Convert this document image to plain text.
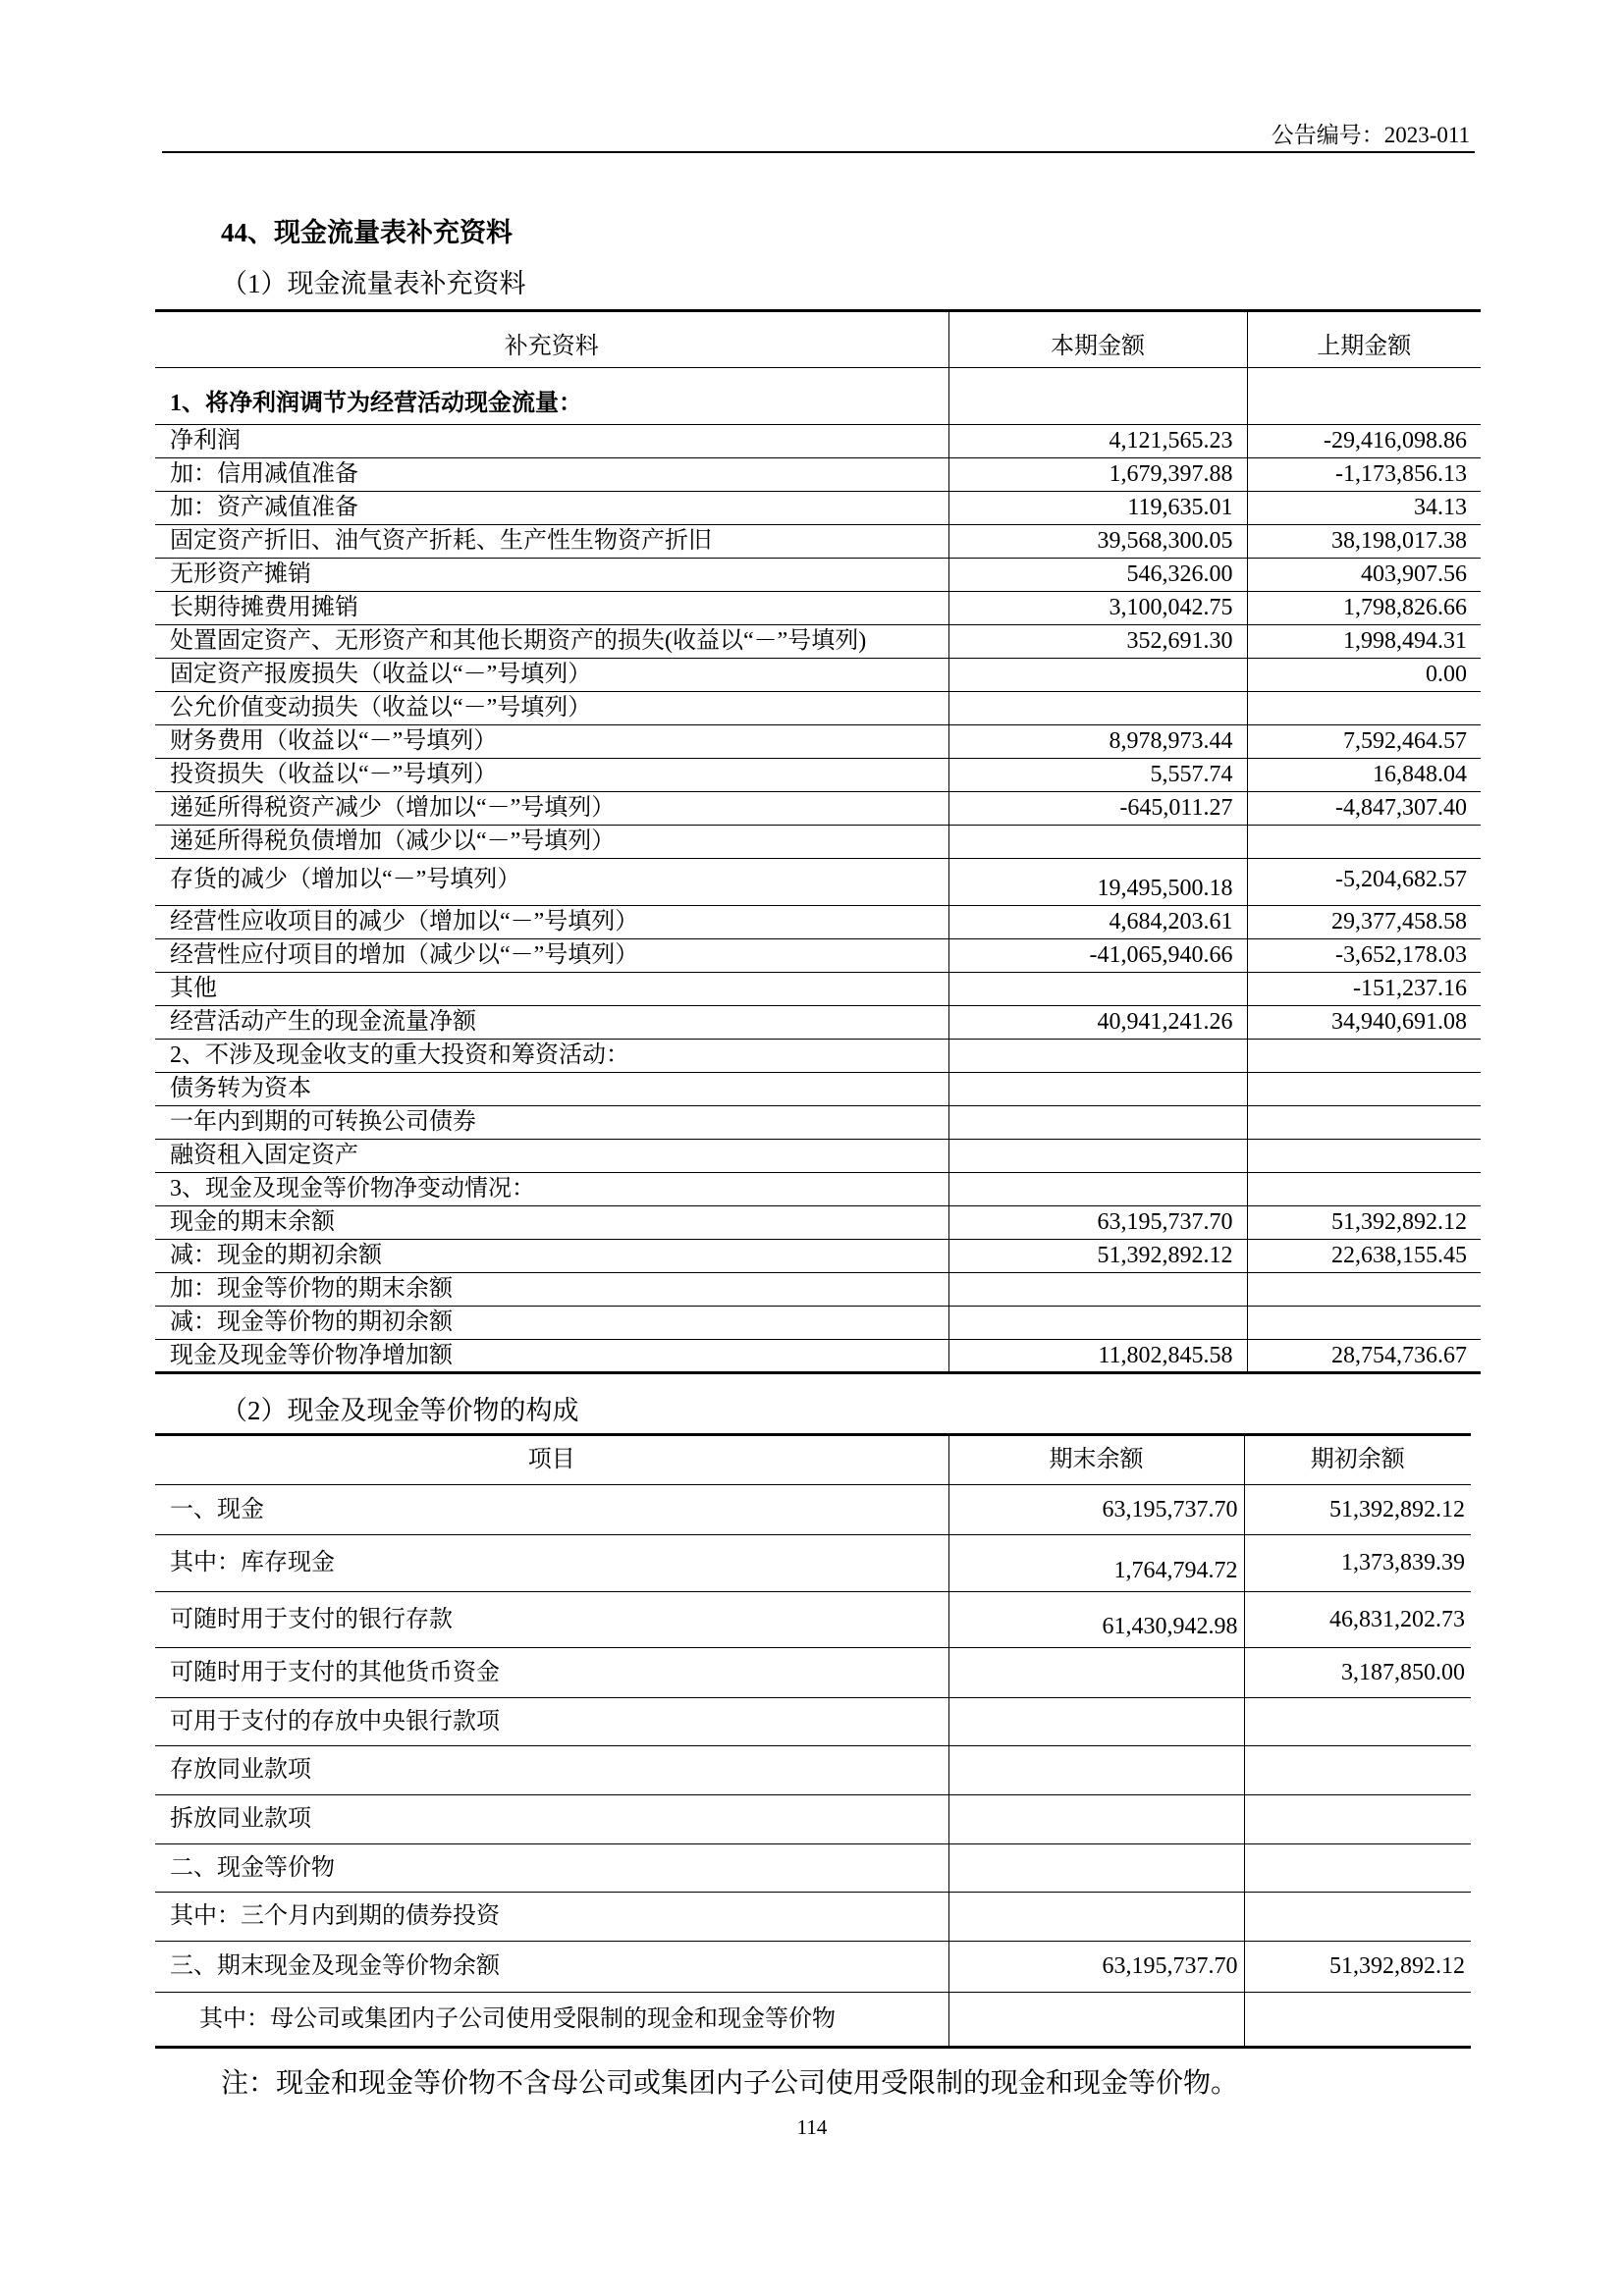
公告编号：2023-011
44、现金流量表补充资料
（1）现金流量表补充资料
补充资料	本期金额	上期金额
1、将净利润调节为经营活动现金流量：		
净利润	4,121,565.23	-29,416,098.86
加：信用减值准备	1,679,397.88	-1,173,856.13
加：资产减值准备	119,635.01	34.13
固定资产折旧、油气资产折耗、生产性生物资产折旧	39,568,300.05	38,198,017.38
无形资产摊销	546,326.00	403,907.56
长期待摊费用摊销	3,100,042.75	1,798,826.66
处置固定资产、无形资产和其他长期资产的损失(收益以“－”号填列)	352,691.30	1,998,494.31
固定资产报废损失（收益以“－”号填列）		0.00
公允价值变动损失（收益以“－”号填列）		
财务费用（收益以“－”号填列）	8,978,973.44	7,592,464.57
投资损失（收益以“－”号填列）	5,557.74	16,848.04
递延所得税资产减少（增加以“－”号填列）	-645,011.27	-4,847,307.40
递延所得税负债增加（减少以“－”号填列）		
存货的减少（增加以“－”号填列）	19,495,500.18	-5,204,682.57
经营性应收项目的减少（增加以“－”号填列）	4,684,203.61	29,377,458.58
经营性应付项目的增加（减少以“－”号填列）	-41,065,940.66	-3,652,178.03
其他		-151,237.16
经营活动产生的现金流量净额	40,941,241.26	34,940,691.08
2、不涉及现金收支的重大投资和筹资活动：		
债务转为资本		
一年内到期的可转换公司债券		
融资租入固定资产		
3、现金及现金等价物净变动情况：		
现金的期末余额	63,195,737.70	51,392,892.12
减：现金的期初余额	51,392,892.12	22,638,155.45
加：现金等价物的期末余额		
减：现金等价物的期初余额		
现金及现金等价物净增加额	11,802,845.58	28,754,736.67
（2）现金及现金等价物的构成
项目	期末余额	期初余额
一、现金	63,195,737.70	51,392,892.12
其中：库存现金	1,764,794.72	1,373,839.39
可随时用于支付的银行存款	61,430,942.98	46,831,202.73
可随时用于支付的其他货币资金		3,187,850.00
可用于支付的存放中央银行款项		
存放同业款项		
拆放同业款项		
二、现金等价物		
其中：三个月内到期的债券投资		
三、期末现金及现金等价物余额	63,195,737.70	51,392,892.12
其中：母公司或集团内子公司使用受限制的现金和现金等价物		
注：现金和现金等价物不含母公司或集团内子公司使用受限制的现金和现金等价物。
114
